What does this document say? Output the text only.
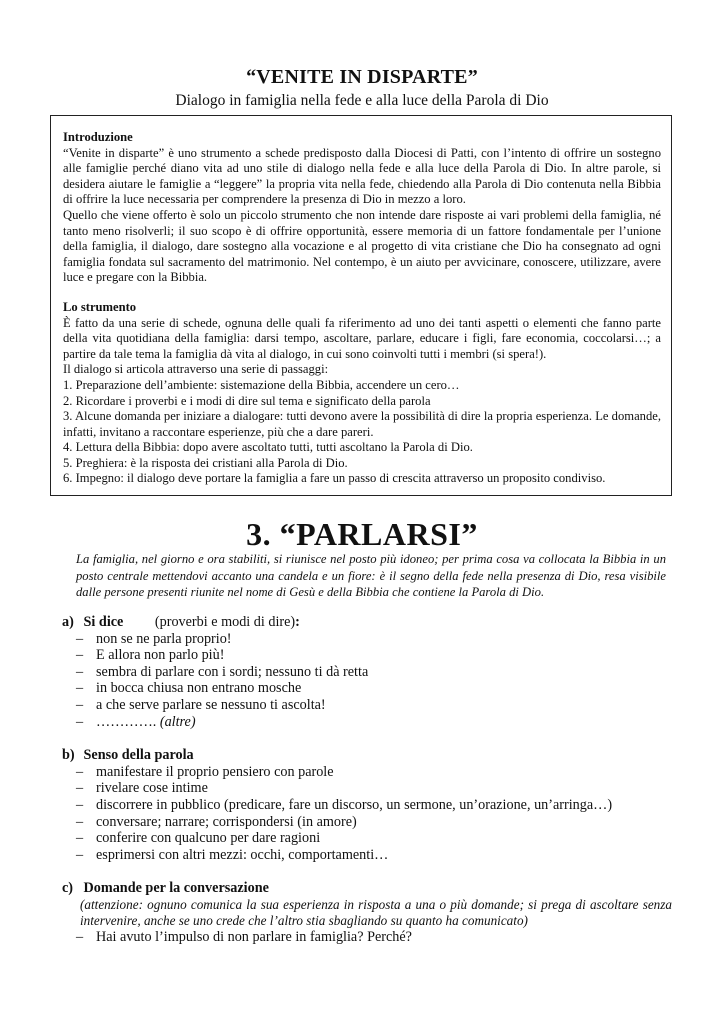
“VENITE IN DISPARTE”
Dialogo in famiglia nella fede e alla luce della Parola di Dio

Introduzione

“Venite in disparte” è uno strumento a schede predisposto dalla Diocesi di Patti, con l’intento di offrire un sostegno alle famiglie perché diano vita ad uno stile di dialogo nella fede e alla luce della Parola di Dio. In altre parole, si desidera aiutare le famiglie a “leggere” la propria vita nella fede, chiedendo alla Parola di Dio contenuta nella Bibbia di offrire la luce necessaria per comprendere la presenza di Dio in mezzo a loro.

Quello che viene offerto è solo un piccolo strumento che non intende dare risposte ai vari problemi della famiglia, né tanto meno risolverli; il suo scopo è di offrire opportunità, essere memoria di un fattore fondamentale per l’unione della famiglia, il dialogo, dare sostegno alla vocazione e al progetto di vita cristiane che Dio ha consegnato ad ogni famiglia fondata sul sacramento del matrimonio. Nel contempo, è un aiuto per avvicinare, conoscere, utilizzare, avere luce e pregare con la Bibbia.

Lo strumento

È fatto da una serie di schede, ognuna delle quali fa riferimento ad uno dei tanti aspetti o elementi che fanno parte della vita quotidiana della famiglia: darsi tempo, ascoltare, parlare, educare i figli, fare economia, coccolarsi…; a partire da tale tema la famiglia dà vita al dialogo, in cui sono coinvolti tutti i membri (si spera!).

Il dialogo si articola attraverso una serie di passaggi:

1. Preparazione dell’ambiente: sistemazione della Bibbia, accendere un cero…

2. Ricordare i proverbi e i modi di dire sul tema e significato della parola

3. Alcune domanda per iniziare a dialogare: tutti devono avere la possibilità di dire la propria esperienza. Le domande, infatti, invitano a raccontare esperienze, più che a dare pareri.

4. Lettura della Bibbia: dopo avere ascoltato tutti, tutti ascoltano la Parola di Dio.

5. Preghiera: è la risposta dei cristiani alla Parola di Dio.

6. Impegno: il dialogo deve portare la famiglia a fare un passo di crescita attraverso un proposito condiviso.

3. “PARLARSI”
La famiglia, nel giorno e ora stabiliti, si riunisce nel posto più idoneo; per prima cosa va collocata la Bibbia in un posto centrale mettendovi accanto una candela e un fiore: è il segno della fede nella presenza di Dio, resa visibile dalle persone presenti riunite nel nome di Gesù e della Bibbia che contiene la Parola di Dio.
a) Si dice (proverbi e modi di dire):
– non se ne parla proprio!
– E allora non parlo più!
– sembra di parlare con i sordi; nessuno ti dà retta
– in bocca chiusa non entrano mosche
– a che serve parlare se nessuno ti ascolta!
– …………. (altre)
b) Senso della parola
– manifestare il proprio pensiero con parole
– rivelare cose intime
– discorrere in pubblico (predicare, fare un discorso, un sermone, un’orazione, un’arringa…)
– conversare; narrare; corrispondersi (in amore)
– conferire con qualcuno per dare ragioni
– esprimersi con altri mezzi: occhi, comportamenti…
c) Domande per la conversazione
(attenzione: ognuno comunica la sua esperienza in risposta a una o più domande; si prega di ascoltare senza intervenire, anche se uno crede che l’altro stia sbagliando su quanto ha comunicato)
– Hai avuto l’impulso di non parlare in famiglia? Perché?
